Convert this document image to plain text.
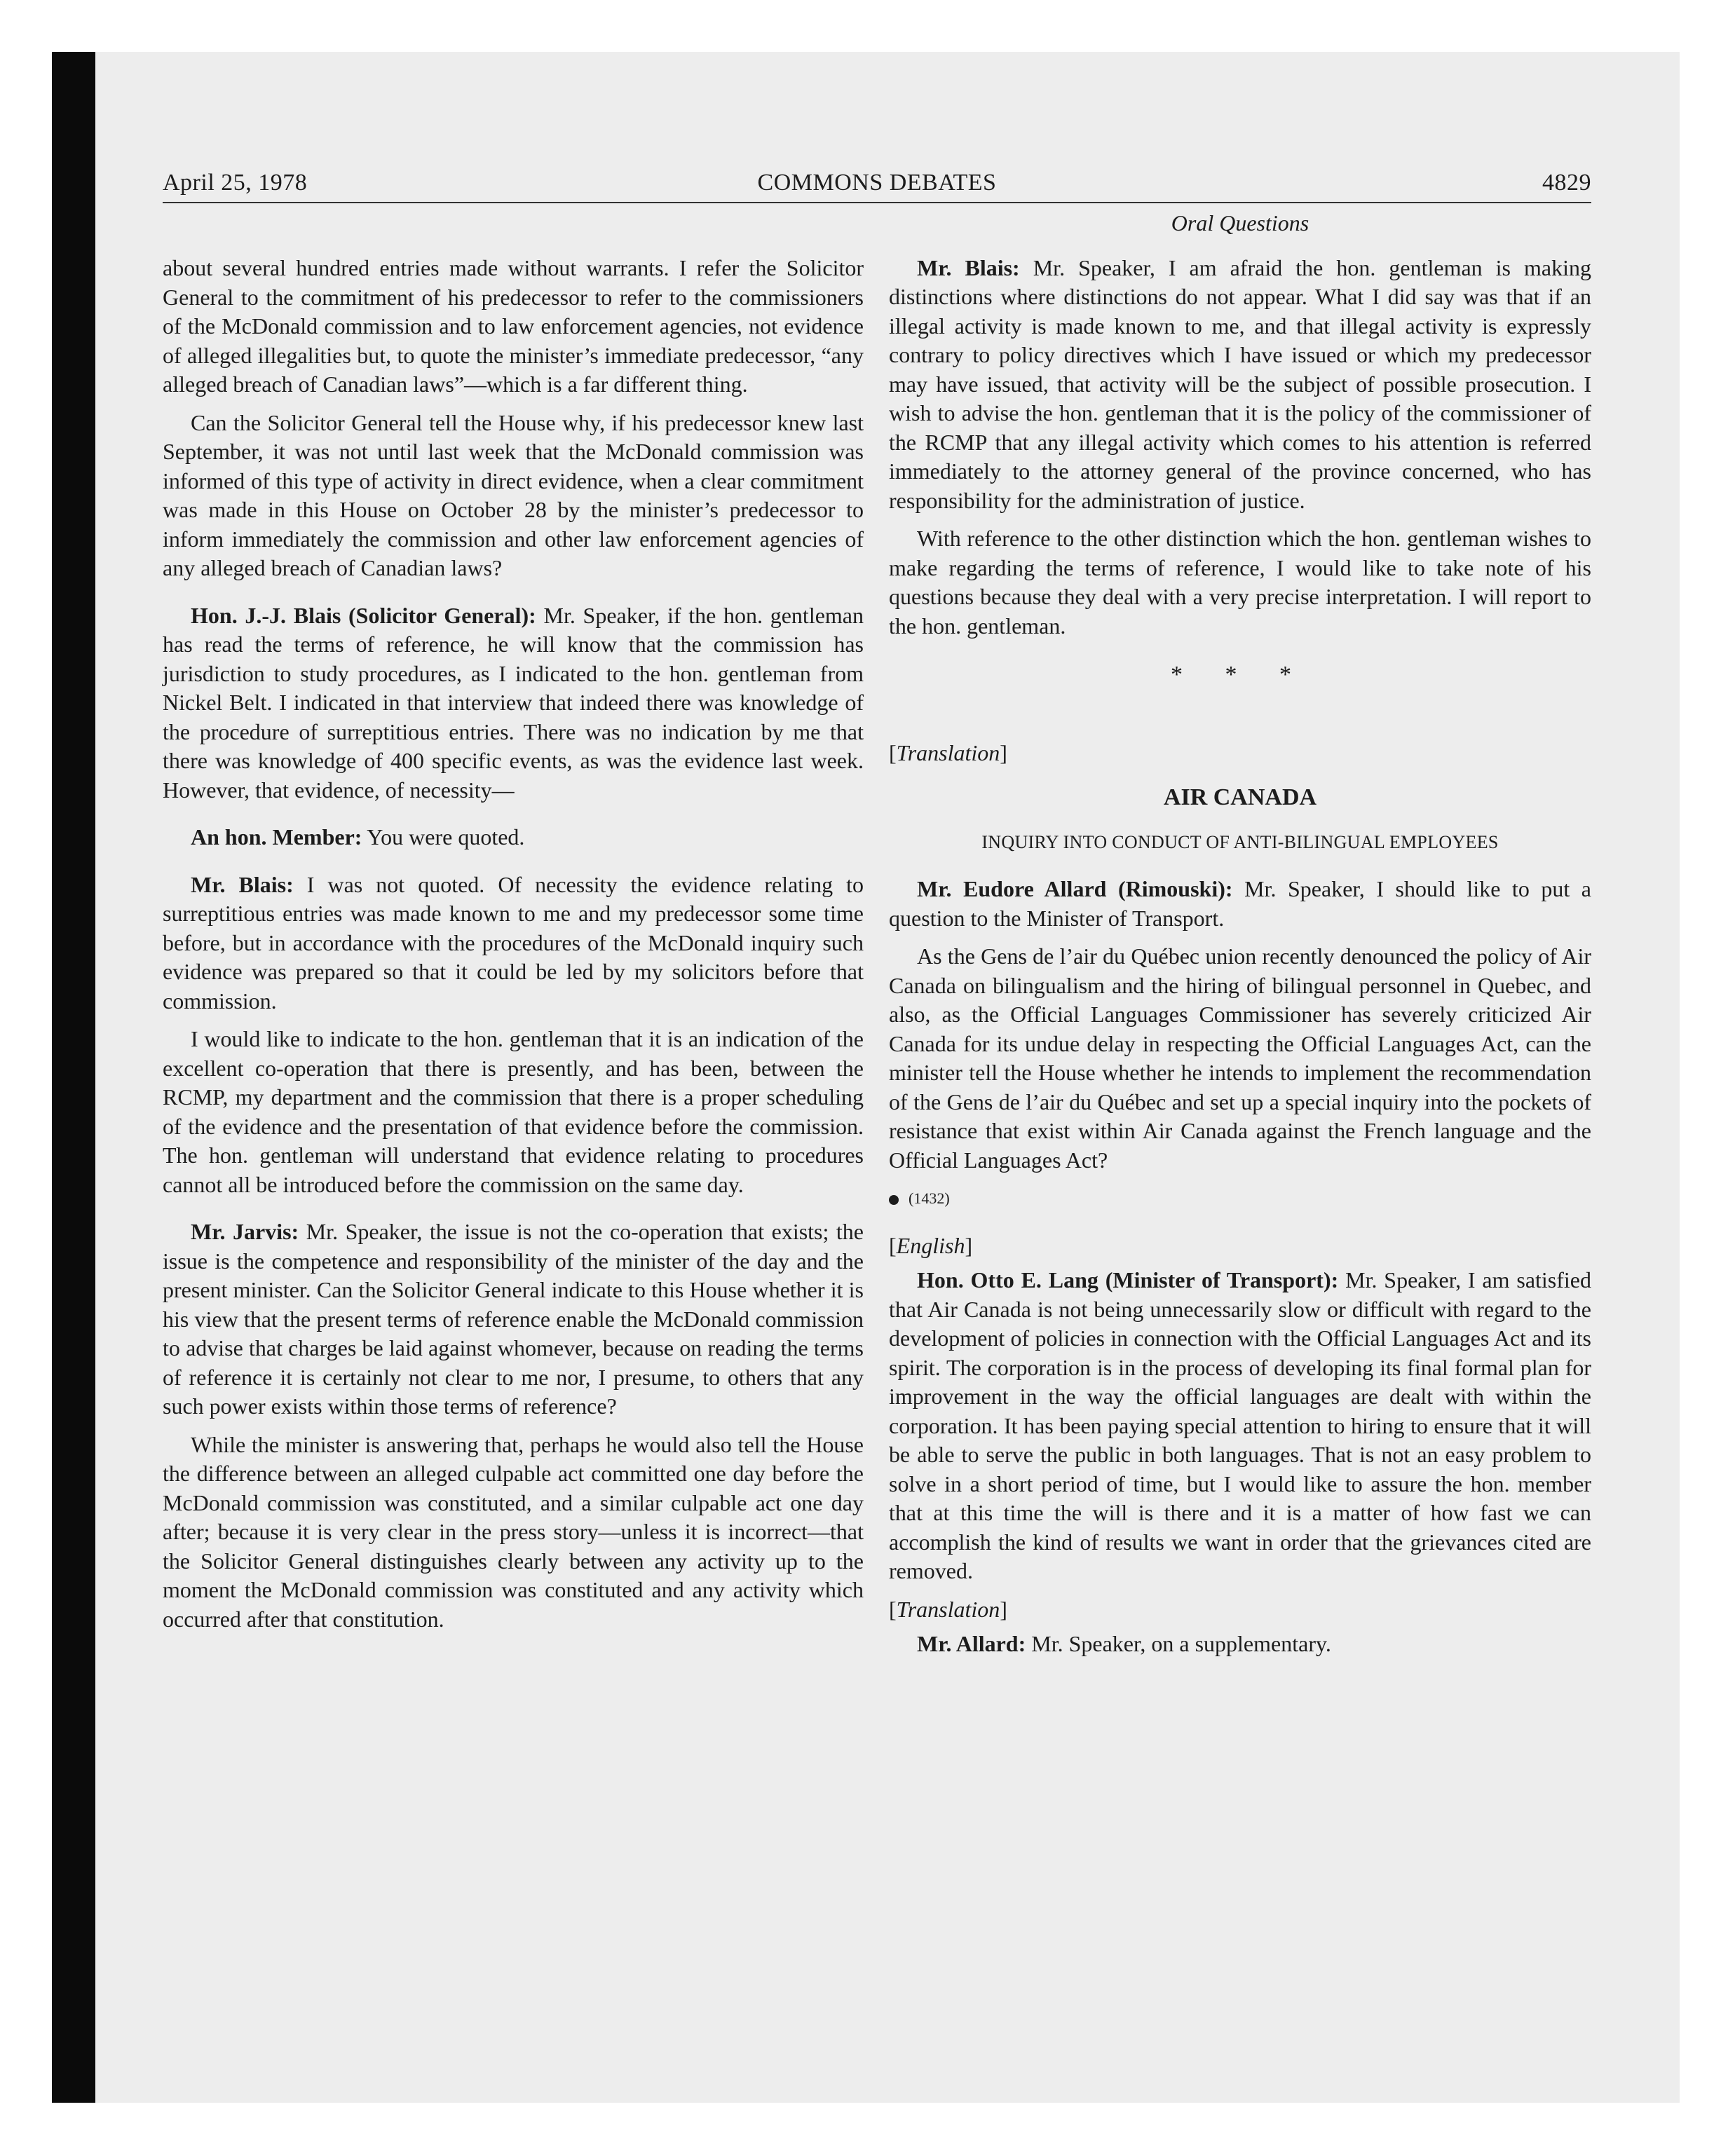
April 25, 1978	COMMONS DEBATES	4829

about several hundred entries made without warrants. I refer the Solicitor General to the commitment of his predecessor to refer to the commissioners of the McDonald commission and to law enforcement agencies, not evidence of alleged illegalities but, to quote the minister’s immediate predecessor, “any alleged breach of Canadian laws”—which is a far different thing.

Can the Solicitor General tell the House why, if his predecessor knew last September, it was not until last week that the McDonald commission was informed of this type of activity in direct evidence, when a clear commitment was made in this House on October 28 by the minister’s predecessor to inform immediately the commission and other law enforcement agencies of any alleged breach of Canadian laws?

Hon. J.-J. Blais (Solicitor General): Mr. Speaker, if the hon. gentleman has read the terms of reference, he will know that the commission has jurisdiction to study procedures, as I indicated to the hon. gentleman from Nickel Belt. I indicated in that interview that indeed there was knowledge of the procedure of surreptitious entries. There was no indication by me that there was knowledge of 400 specific events, as was the evidence last week. However, that evidence, of necessity—

An hon. Member: You were quoted.

Mr. Blais: I was not quoted. Of necessity the evidence relating to surreptitious entries was made known to me and my predecessor some time before, but in accordance with the procedures of the McDonald inquiry such evidence was prepared so that it could be led by my solicitors before that commission.

I would like to indicate to the hon. gentleman that it is an indication of the excellent co-operation that there is presently, and has been, between the RCMP, my department and the commission that there is a proper scheduling of the evidence and the presentation of that evidence before the commission. The hon. gentleman will understand that evidence relating to procedures cannot all be introduced before the commission on the same day.

Mr. Jarvis: Mr. Speaker, the issue is not the co-operation that exists; the issue is the competence and responsibility of the minister of the day and the present minister. Can the Solicitor General indicate to this House whether it is his view that the present terms of reference enable the McDonald commission to advise that charges be laid against whomever, because on reading the terms of reference it is certainly not clear to me nor, I presume, to others that any such power exists within those terms of reference?

While the minister is answering that, perhaps he would also tell the House the difference between an alleged culpable act committed one day before the McDonald commission was constituted, and a similar culpable act one day after; because it is very clear in the press story—unless it is incorrect—that the Solicitor General distinguishes clearly between any activity up to the moment the McDonald commission was constituted and any activity which occurred after that constitution.

Oral Questions

Mr. Blais: Mr. Speaker, I am afraid the hon. gentleman is making distinctions where distinctions do not appear. What I did say was that if an illegal activity is made known to me, and that illegal activity is expressly contrary to policy directives which I have issued or which my predecessor may have issued, that activity will be the subject of possible prosecution. I wish to advise the hon. gentleman that it is the policy of the commissioner of the RCMP that any illegal activity which comes to his attention is referred immediately to the attorney general of the province concerned, who has responsibility for the administration of justice.

With reference to the other distinction which the hon. gentleman wishes to make regarding the terms of reference, I would like to take note of his questions because they deal with a very precise interpretation. I will report to the hon. gentleman.

* * *

[Translation]

AIR CANADA

INQUIRY INTO CONDUCT OF ANTI-BILINGUAL EMPLOYEES

Mr. Eudore Allard (Rimouski): Mr. Speaker, I should like to put a question to the Minister of Transport.

As the Gens de l’air du Québec union recently denounced the policy of Air Canada on bilingualism and the hiring of bilingual personnel in Quebec, and also, as the Official Languages Commissioner has severely criticized Air Canada for its undue delay in respecting the Official Languages Act, can the minister tell the House whether he intends to implement the recommendation of the Gens de l’air du Québec and set up a special inquiry into the pockets of resistance that exist within Air Canada against the French language and the Official Languages Act?

(1432)

[English]

Hon. Otto E. Lang (Minister of Transport): Mr. Speaker, I am satisfied that Air Canada is not being unnecessarily slow or difficult with regard to the development of policies in connection with the Official Languages Act and its spirit. The corporation is in the process of developing its final formal plan for improvement in the way the official languages are dealt with within the corporation. It has been paying special attention to hiring to ensure that it will be able to serve the public in both languages. That is not an easy problem to solve in a short period of time, but I would like to assure the hon. member that at this time the will is there and it is a matter of how fast we can accomplish the kind of results we want in order that the grievances cited are removed.

[Translation]

Mr. Allard: Mr. Speaker, on a supplementary.
